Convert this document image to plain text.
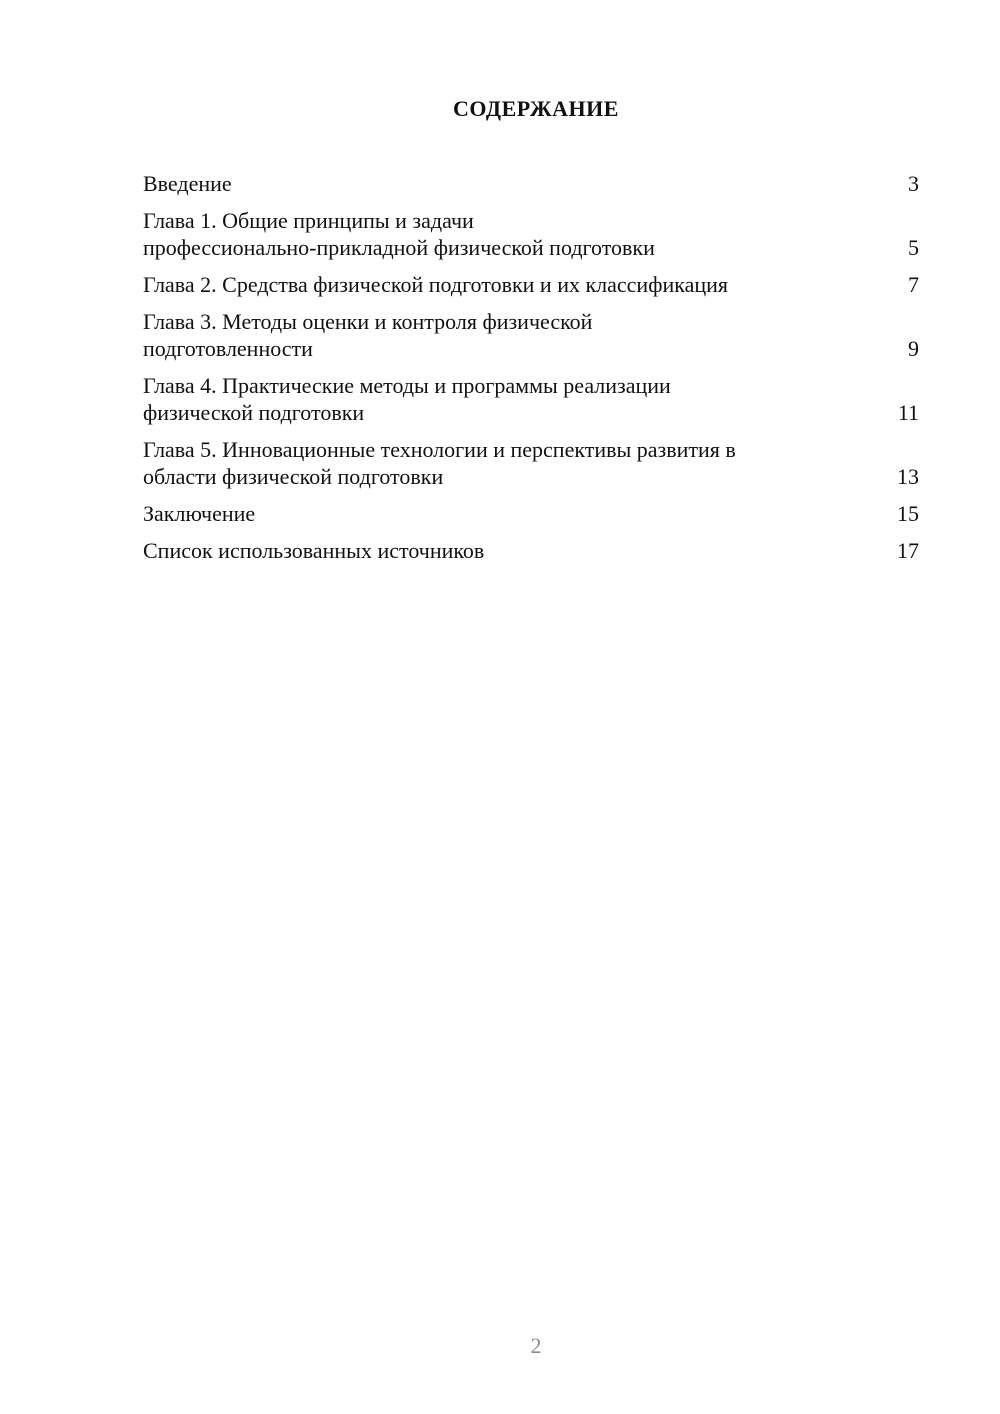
СОДЕРЖАНИЕ
Введение	3
Глава 1. Общие принципы и задачи
профессионально-прикладной физической подготовки	5
Глава 2. Средства физической подготовки и их классификация	7
Глава 3. Методы оценки и контроля физической
подготовленности	9
Глава 4. Практические методы и программы реализации
физической подготовки	11
Глава 5. Инновационные технологии и перспективы развития в
области физической подготовки	13
Заключение	15
Список использованных источников	17
2
